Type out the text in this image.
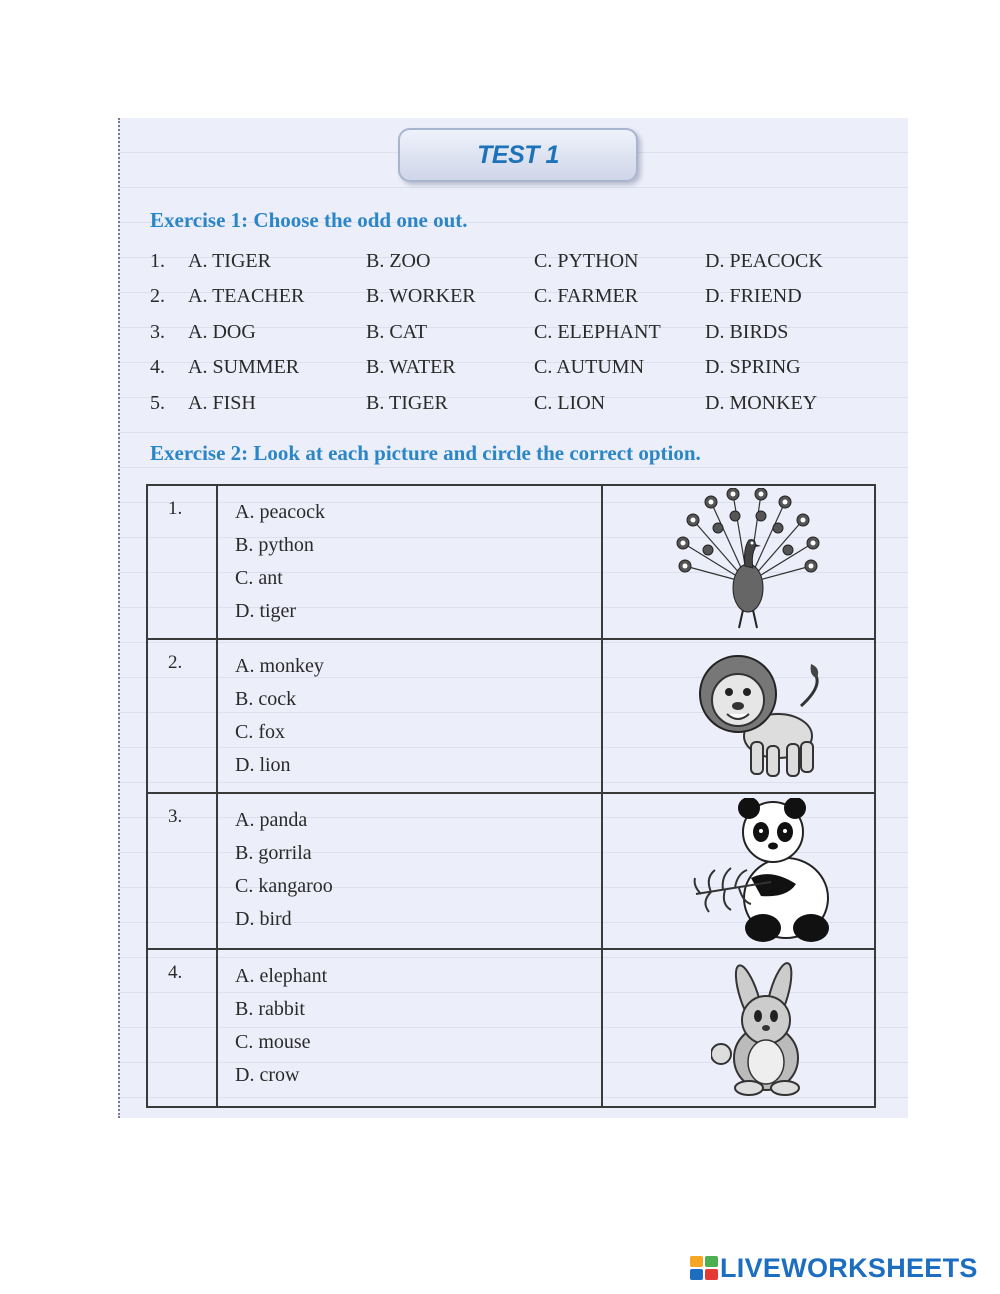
TEST 1
Exercise 1: Choose the odd one out.
1. A. TIGER	B. ZOO	C. PYTHON	D. PEACOCK
2. A. TEACHER	B. WORKER	C. FARMER	D. FRIEND
3. A. DOG	B. CAT	C. ELEPHANT D. BIRDS
4. A. SUMMER	B. WATER	C. AUTUMN	D. SPRING
5. A. FISH	B. TIGER	C. LION	D. MONKEY
Exercise 2: Look at each picture and circle the correct option.
1.	A. peacock
B. python
C. ant
D. tiger

2.	A. monkey
B. cock
C. fox
D. lion

3.	A. panda
B. gorrila
C. kangaroo
D. bird

4.	A. elephant
B. rabbit
C. mouse
D. crow

LIVEWORKSHEETS
